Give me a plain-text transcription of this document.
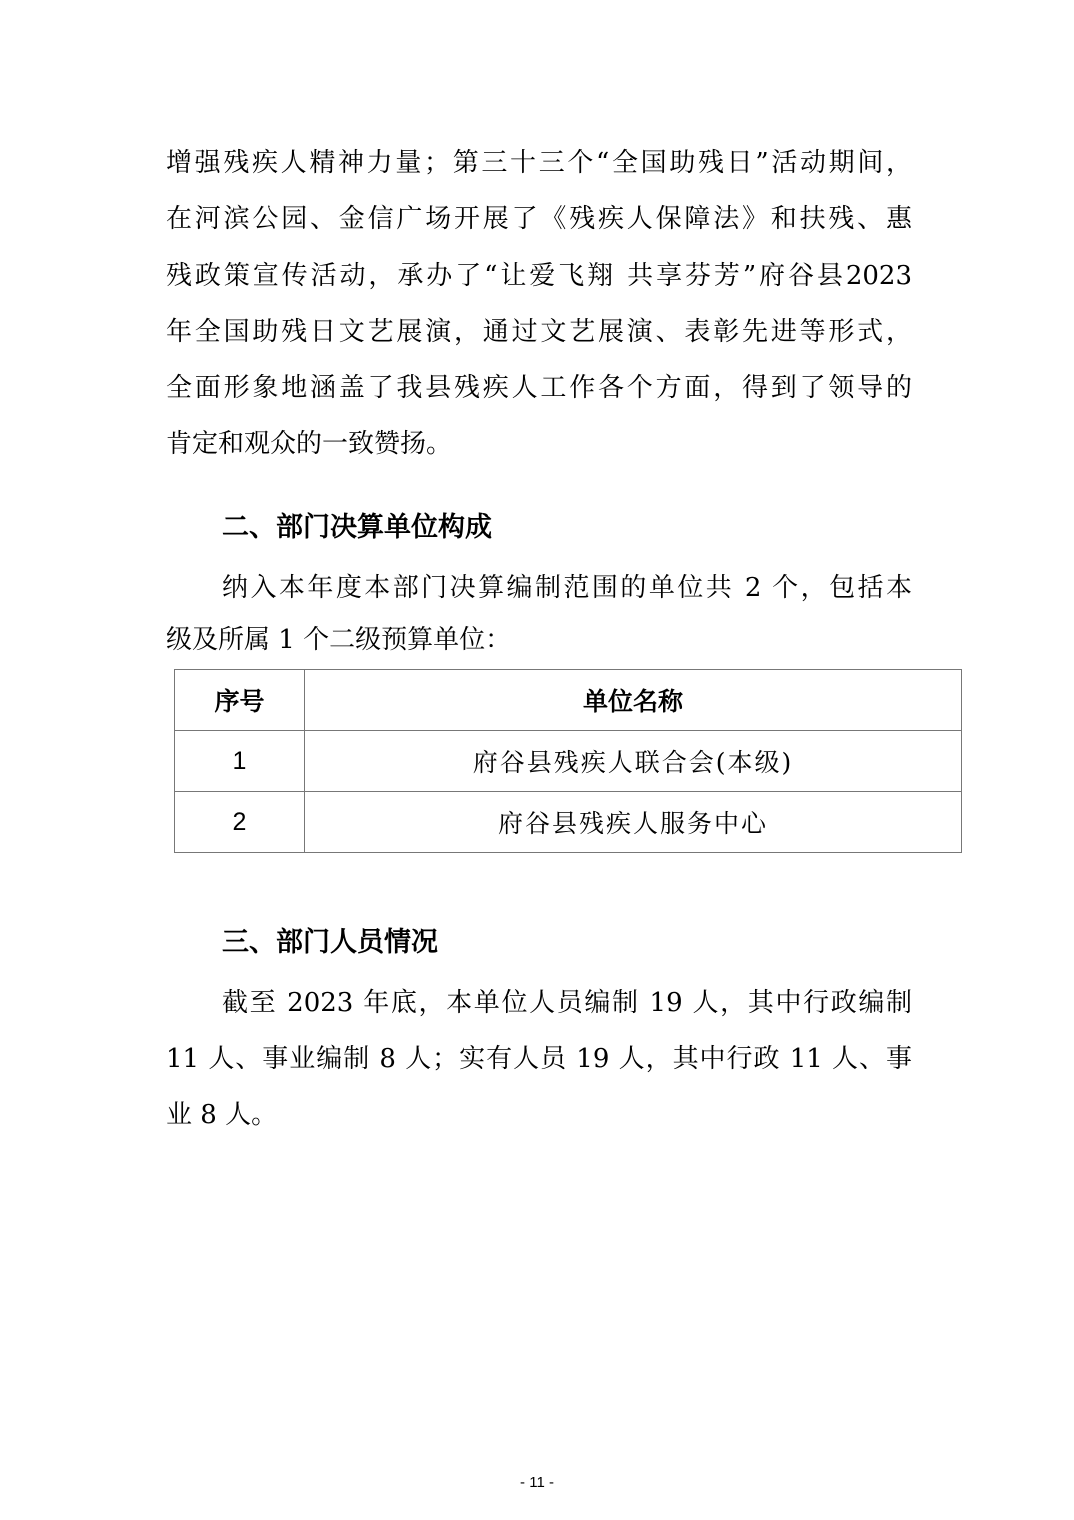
增强残疾人精神力量；第三十三个“全国助残日”活动期间，
在河滨公园、金信广场开展了《残疾人保障法》和扶残、惠
残政策宣传活动，承办了“让爱飞翔 共享芬芳”府谷县2023
年全国助残日文艺展演，通过文艺展演、表彰先进等形式，
全面形象地涵盖了我县残疾人工作各个方面，得到了领导的
肯定和观众的一致赞扬。
二、部门决算单位构成
纳入本年度本部门决算编制范围的单位共 2 个，包括本
级及所属 1 个二级预算单位：
序号	单位名称
1	府谷县残疾人联合会(本级)
2	府谷县残疾人服务中心
三、部门人员情况
截至 2023 年底，本单位人员编制 19 人，其中行政编制
11 人、事业编制 8 人；实有人员 19 人，其中行政 11 人、事
业 8 人。
- 11 -
